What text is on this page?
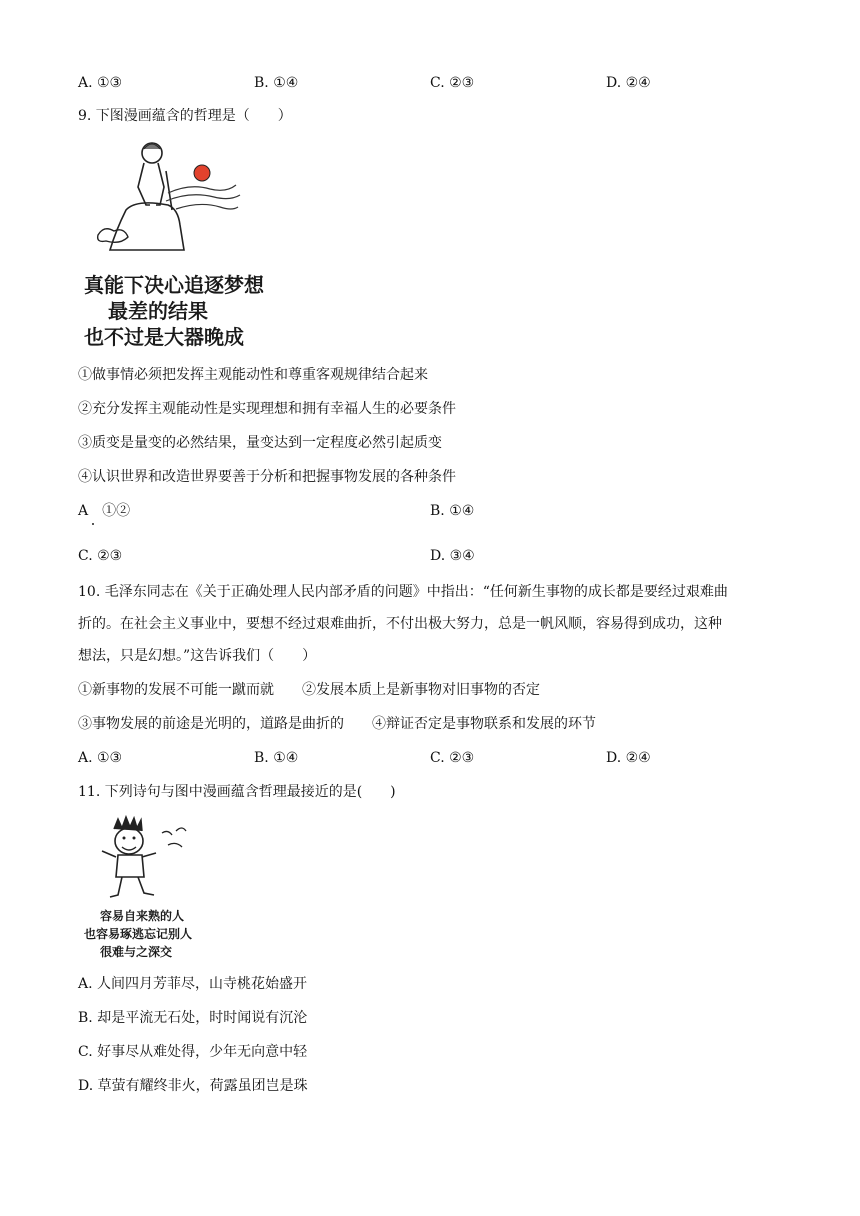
A. ①③	B. ①④	C. ②③	D. ②④
9. 下图漫画蕴含的哲理是（　　）
真能下决心追逐梦想
最差的结果
也不过是大器晚成
①做事情必须把发挥主观能动性和尊重客观规律结合起来
②充分发挥主观能动性是实现理想和拥有幸福人生的必要条件
③质变是量变的必然结果，量变达到一定程度必然引起质变
④认识世界和改造世界要善于分析和把握事物发展的各种条件
A　①②	B. ①④
C. ②③	D. ③④
10. 毛泽东同志在《关于正确处理人民内部矛盾的问题》中指出：“任何新生事物的成长都是要经过艰难曲
折的。在社会主义事业中，要想不经过艰难曲折，不付出极大努力，总是一帆风顺，容易得到成功，这种
想法，只是幻想。”这告诉我们（　　）
①新事物的发展不可能一蹴而就　　②发展本质上是新事物对旧事物的否定
③事物发展的前途是光明的，道路是曲折的　　④辩证否定是事物联系和发展的环节
A. ①③	B. ①④	C. ②③	D. ②④
11. 下列诗句与图中漫画蕴含哲理最接近的是(　　)
容易自来熟的人
也容易琢逃忘记别人
很难与之深交
A. 人间四月芳菲尽，山寺桃花始盛开
B. 却是平流无石处，时时闻说有沉沦
C. 好事尽从难处得，少年无向意中轻
D. 草萤有耀终非火，荷露虽团岂是珠
